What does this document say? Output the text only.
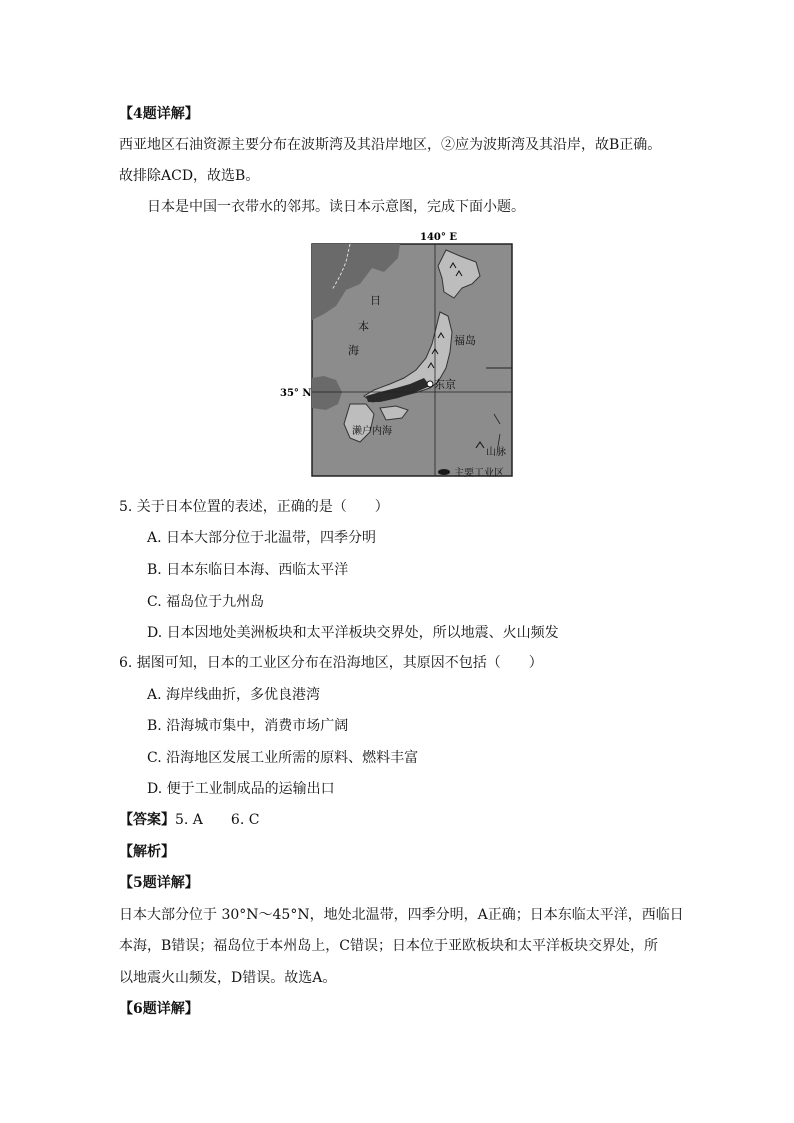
【4题详解】
西亚地区石油资源主要分布在波斯湾及其沿岸地区，②应为波斯湾及其沿岸，故B正确。
故排除ACD，故选B。
日本是中国一衣带水的邻邦。读日本示意图，完成下面小题。
140° E
35° N
日
本
海
福岛
东京
濑户内海
山脉
主要工业区
5. 关于日本位置的表述，正确的是（　　）
A. 日本大部分位于北温带，四季分明
B. 日本东临日本海、西临太平洋
C. 福岛位于九州岛
D. 日本因地处美洲板块和太平洋板块交界处，所以地震、火山频发
6. 据图可知，日本的工业区分布在沿海地区，其原因不包括（　　）
A. 海岸线曲折，多优良港湾
B. 沿海城市集中，消费市场广阔
C. 沿海地区发展工业所需的原料、燃料丰富
D. 便于工业制成品的运输出口
【答案】5. A 6. C
【解析】
【5题详解】
日本大部分位于 30°N～45°N，地处北温带，四季分明，A正确；日本东临太平洋，西临日
本海，B错误；福岛位于本州岛上，C错误；日本位于亚欧板块和太平洋板块交界处，所
以地震火山频发，D错误。故选A。
【6题详解】
